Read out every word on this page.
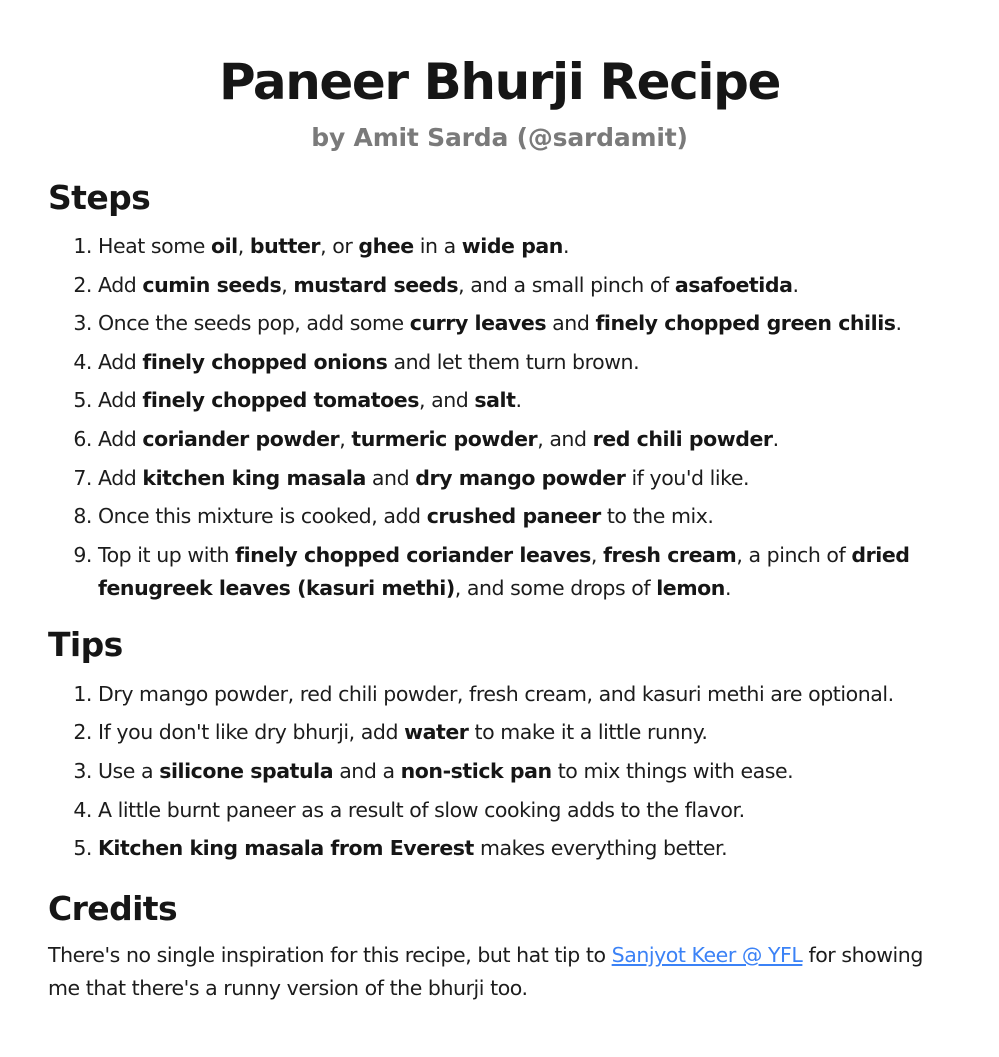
Paneer Bhurji Recipe
by Amit Sarda (@sardamit)
Steps
Heat some oil, butter, or ghee in a wide pan.
Add cumin seeds, mustard seeds, and a small pinch of asafoetida.
Once the seeds pop, add some curry leaves and finely chopped green chilis.
Add finely chopped onions and let them turn brown.
Add finely chopped tomatoes, and salt.
Add coriander powder, turmeric powder, and red chili powder.
Add kitchen king masala and dry mango powder if you'd like.
Once this mixture is cooked, add crushed paneer to the mix.
Top it up with finely chopped coriander leaves, fresh cream, a pinch of dried fenugreek leaves (kasuri methi), and some drops of lemon.
Tips
Dry mango powder, red chili powder, fresh cream, and kasuri methi are optional.
If you don't like dry bhurji, add water to make it a little runny.
Use a silicone spatula and a non-stick pan to mix things with ease.
A little burnt paneer as a result of slow cooking adds to the flavor.
Kitchen king masala from Everest makes everything better.
Credits

There's no single inspiration for this recipe, but hat tip to Sanjyot Keer @ YFL for showing me that there's a runny version of the bhurji too.
